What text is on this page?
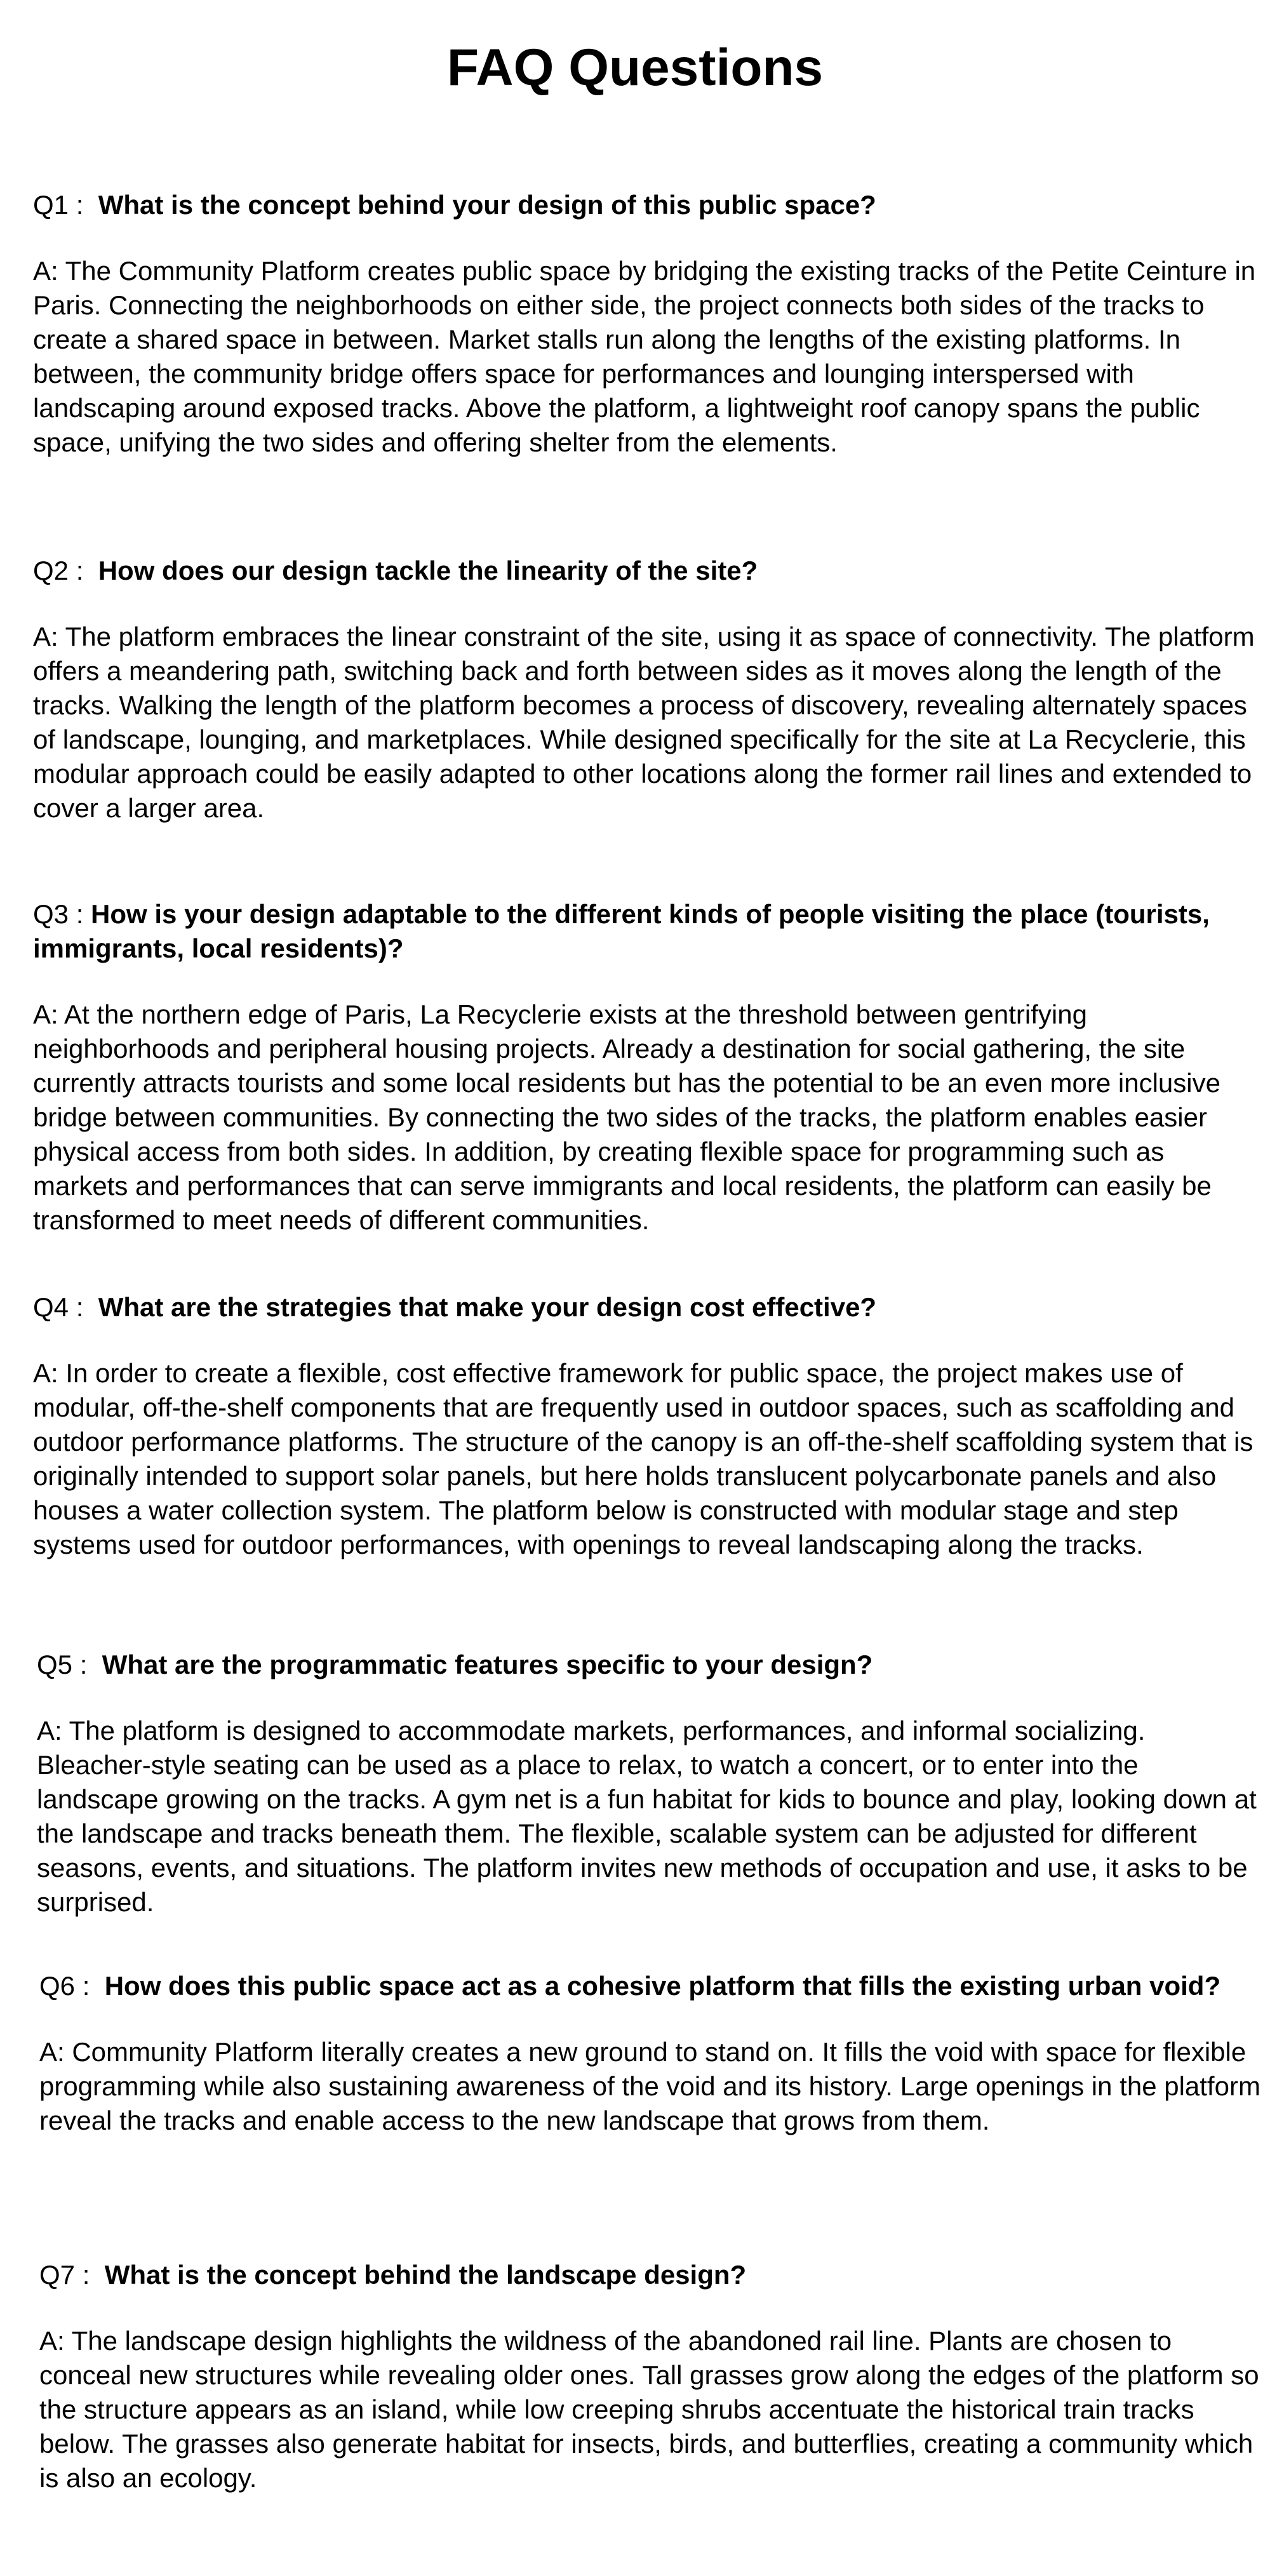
FAQ Questions

Q1 : What is the concept behind your design of this public space?

A: The Community Platform creates public space by bridging the existing tracks of the Petite Ceinture in Paris. Connecting the neighborhoods on either side, the project connects both sides of the tracks to create a shared space in between. Market stalls run along the lengths of the existing platforms. In between, the community bridge offers space for performances and lounging interspersed with landscaping around exposed tracks. Above the platform, a lightweight roof canopy spans the public space, unifying the two sides and offering shelter from the elements.

Q2 : How does our design tackle the linearity of the site?

A: The platform embraces the linear constraint of the site, using it as space of connectivity. The platform offers a meandering path, switching back and forth between sides as it moves along the length of the tracks. Walking the length of the platform becomes a process of discovery, revealing alternately spaces of landscape, lounging, and marketplaces. While designed specifically for the site at La Recyclerie, this modular approach could be easily adapted to other locations along the former rail lines and extended to cover a larger area.

Q3 : How is your design adaptable to the different kinds of people visiting the place (tourists, immigrants, local residents)?

A: At the northern edge of Paris, La Recyclerie exists at the threshold between gentrifying neighborhoods and peripheral housing projects. Already a destination for social gathering, the site currently attracts tourists and some local residents but has the potential to be an even more inclusive bridge between communities. By connecting the two sides of the tracks, the platform enables easier physical access from both sides. In addition, by creating flexible space for programming such as markets and performances that can serve immigrants and local residents, the platform can easily be transformed to meet needs of different communities.

Q4 : What are the strategies that make your design cost effective?

A: In order to create a flexible, cost effective framework for public space, the project makes use of modular, off-the-shelf components that are frequently used in outdoor spaces, such as scaffolding and outdoor performance platforms. The structure of the canopy is an off-the-shelf scaffolding system that is originally intended to support solar panels, but here holds translucent polycarbonate panels and also houses a water collection system. The platform below is constructed with modular stage and step systems used for outdoor performances, with openings to reveal landscaping along the tracks.

Q5 : What are the programmatic features specific to your design?

A: The platform is designed to accommodate markets, performances, and informal socializing. Bleacher-style seating can be used as a place to relax, to watch a concert, or to enter into the landscape growing on the tracks. A gym net is a fun habitat for kids to bounce and play, looking down at the landscape and tracks beneath them. The flexible, scalable system can be adjusted for different seasons, events, and situations. The platform invites new methods of occupation and use, it asks to be surprised.

Q6 : How does this public space act as a cohesive platform that fills the existing urban void?

A: Community Platform literally creates a new ground to stand on. It fills the void with space for flexible programming while also sustaining awareness of the void and its history. Large openings in the platform reveal the tracks and enable access to the new landscape that grows from them.

Q7 : What is the concept behind the landscape design?

A: The landscape design highlights the wildness of the abandoned rail line. Plants are chosen to conceal new structures while revealing older ones. Tall grasses grow along the edges of the platform so the structure appears as an island, while low creeping shrubs accentuate the historical train tracks below. The grasses also generate habitat for insects, birds, and butterflies, creating a community which is also an ecology.
